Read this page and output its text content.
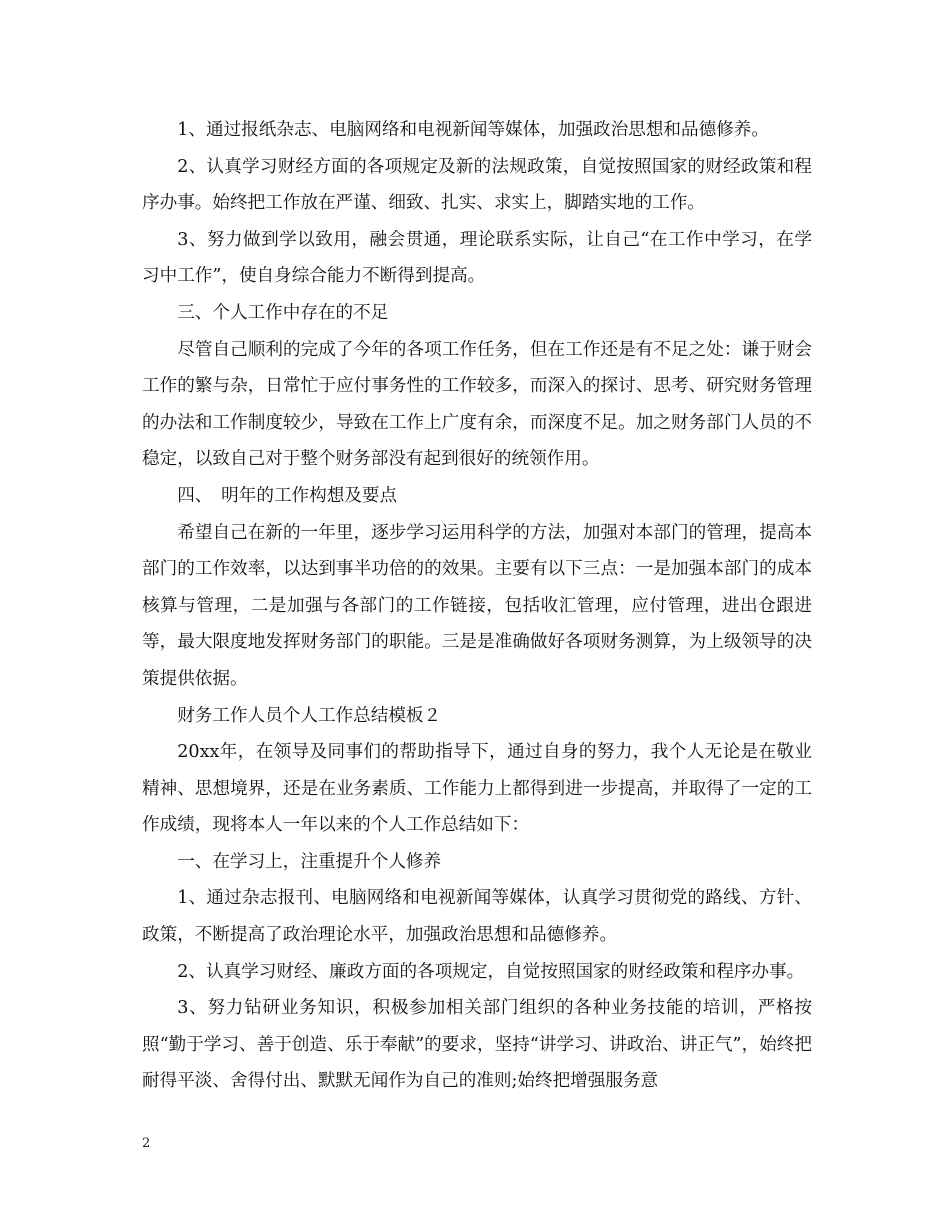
1、通过报纸杂志、电脑网络和电视新闻等媒体，加强政治思想和品德修养。

2、认真学习财经方面的各项规定及新的法规政策，自觉按照国家的财经政策和程序办事。始终把工作放在严谨、细致、扎实、求实上，脚踏实地的工作。

3、努力做到学以致用，融会贯通，理论联系实际，让自己“在工作中学习，在学习中工作”，使自身综合能力不断得到提高。

三、个人工作中存在的不足

尽管自己顺利的完成了今年的各项工作任务，但在工作还是有不足之处：谦于财会工作的繁与杂，日常忙于应付事务性的工作较多，而深入的探讨、思考、研究财务管理的办法和工作制度较少，导致在工作上广度有余，而深度不足。加之财务部门人员的不稳定，以致自己对于整个财务部没有起到很好的统领作用。

四、　明年的工作构想及要点

希望自己在新的一年里，逐步学习运用科学的方法，加强对本部门的管理，提高本部门的工作效率，以达到事半功倍的的效果。主要有以下三点：一是加强本部门的成本核算与管理，二是加强与各部门的工作链接，包括收汇管理，应付管理，进出仓跟进等，最大限度地发挥财务部门的职能。三是是准确做好各项财务测算，为上级领导的决策提供依据。

财务工作人员个人工作总结模板２

20xx年，在领导及同事们的帮助指导下，通过自身的努力，我个人无论是在敬业精神、思想境界，还是在业务素质、工作能力上都得到进一步提高，并取得了一定的工作成绩，现将本人一年以来的个人工作总结如下：

一、在学习上，注重提升个人修养

1、通过杂志报刊、电脑网络和电视新闻等媒体，认真学习贯彻党的路线、方针、政策，不断提高了政治理论水平，加强政治思想和品德修养。

2、认真学习财经、廉政方面的各项规定，自觉按照国家的财经政策和程序办事。

3、努力钻研业务知识，积极参加相关部门组织的各种业务技能的培训，严格按照“勤于学习、善于创造、乐于奉献”的要求，坚持“讲学习、讲政治、讲正气”，始终把耐得平淡、舍得付出、默默无闻作为自己的准则;始终把增强服务意

2
